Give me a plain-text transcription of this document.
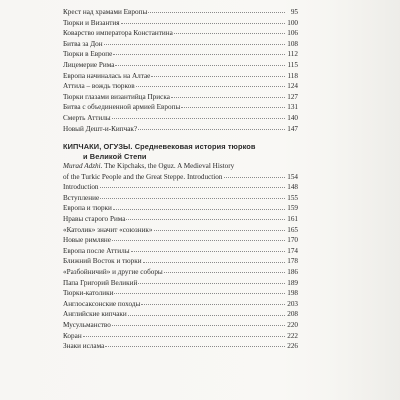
Крест над храмами Европы	95
Тюрки и Византия	100
Коварство императора Константина	106
Битва за Дон	108
Тюрки в Европе	112
Лицемерие Рима	115
Европа начиналась на Алтае	118
Аттила – вождь тюрков	124
Тюрки глазами византийца Приска	127
Битва с объединенной армией Европы	131
Смерть Аттилы	140
Новый Дешт-и-Кипчак?	147
КИПЧАКИ, ОГУЗЫ. Средневековая история тюрков
и Великой Степи
Murad Adzhi. The Kipchaks, the Oguz. A Medieval History
of the Turkic People and the Great Steppe. Introduction	154
Introduction	148
Вступление	155
Европа и тюрки	159
Нравы старого Рима	161
«Католик» значит «союзник»	165
Новые римляне	170
Европа после Аттилы	174
Ближний Восток и тюрки	178
«Разбойничий» и другие соборы	186
Папа Григорий Великий	189
Тюрки-католики	198
Англосаксонские походы	203
Английские кипчаки	208
Мусульманство	220
Коран	222
Знаки ислама	226
